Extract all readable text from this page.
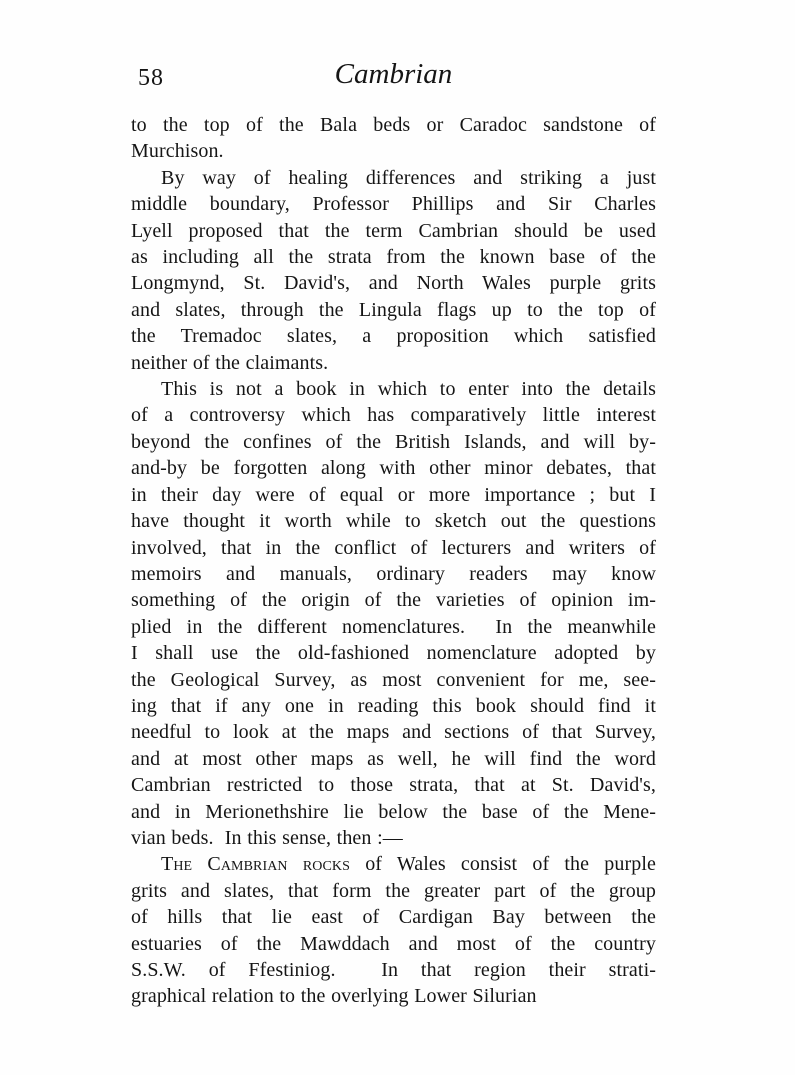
58	Cambrian
to the top of the Bala beds or Caradoc sandstone of
Murchison.
By way of healing differences and striking a just
middle boundary, Professor Phillips and Sir Charles
Lyell proposed that the term Cambrian should be used
as including all the strata from the known base of the
Longmynd, St. David's, and North Wales purple grits
and slates, through the Lingula flags up to the top of
the Tremadoc slates, a proposition which satisfied
neither of the claimants.
This is not a book in which to enter into the details
of a controversy which has comparatively little interest
beyond the confines of the British Islands, and will by-
and-by be forgotten along with other minor debates, that
in their day were of equal or more importance ; but I
have thought it worth while to sketch out the questions
involved, that in the conflict of lecturers and writers of
memoirs and manuals, ordinary readers may know
something of the origin of the varieties of opinion im-
plied in the different nomenclatures.  In the meanwhile
I shall use the old-fashioned nomenclature adopted by
the Geological Survey, as most convenient for me, see-
ing that if any one in reading this book should find it
needful to look at the maps and sections of that Survey,
and at most other maps as well, he will find the word
Cambrian restricted to those strata, that at St. David's,
and in Merionethshire lie below the base of the Mene-
vian beds.  In this sense, then :—
The Cambrian rocks of Wales consist of the purple
grits and slates, that form the greater part of the group
of hills that lie east of Cardigan Bay between the
estuaries of the Mawddach and most of the country
S.S.W. of Ffestiniog.  In that region their strati-
graphical relation to the overlying Lower Silurian
